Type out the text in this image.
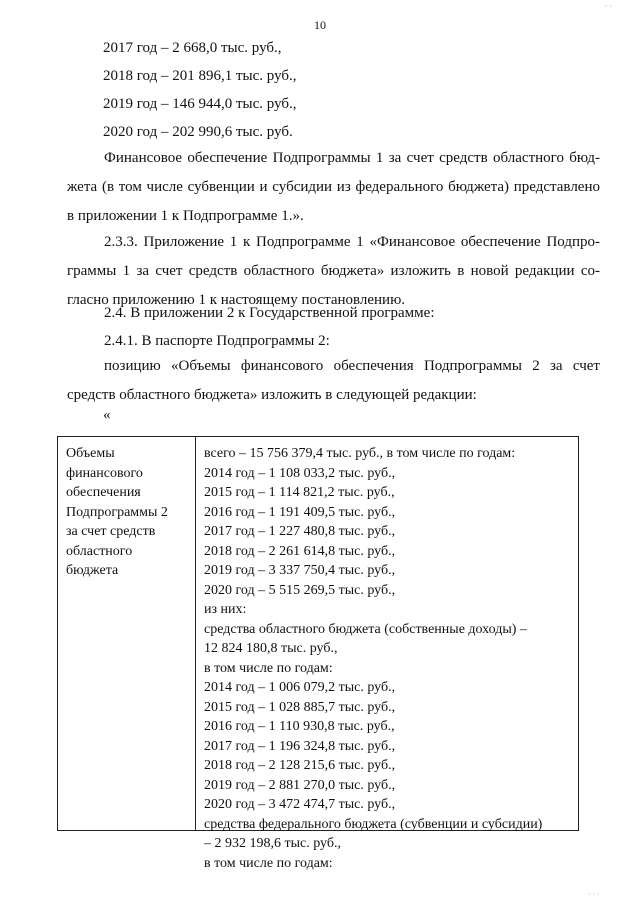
10
· ·
2017 год – 2 668,0 тыс. руб.,
2018 год – 201 896,1 тыс. руб.,
2019 год – 146 944,0 тыс. руб.,
2020 год – 202 990,6 тыс. руб.
Финансовое обеспечение Подпрограммы 1 за счет средств областного бюд-
жета (в том числе субвенции и субсидии из федерального бюджета) представлено
в приложении 1 к Подпрограмме 1.».
2.3.3. Приложение 1 к Подпрограмме 1 «Финансовое обеспечение Подпро-
граммы 1 за счет средств областного бюджета» изложить в новой редакции со-
гласно приложению 1 к настоящему постановлению.
2.4. В приложении 2 к Государственной программе:
2.4.1. В паспорте Подпрограммы 2:
позицию «Объемы финансового обеспечения Подпрограммы 2 за счет
средств областного бюджета» изложить в следующей редакции:
«
Объемы
финансового
обеспечения
Подпрограммы 2
за счет средств
областного
бюджета
всего – 15 756 379,4 тыс. руб., в том числе по годам:
2014 год – 1 108 033,2 тыс. руб.,
2015 год – 1 114 821,2 тыс. руб.,
2016 год – 1 191 409,5 тыс. руб.,
2017 год – 1 227 480,8 тыс. руб.,
2018 год – 2 261 614,8 тыс. руб.,
2019 год – 3 337 750,4 тыс. руб.,
2020 год – 5 515 269,5 тыс. руб.,
из них:
средства областного бюджета (собственные доходы) –
12 824 180,8 тыс. руб.,
в том числе по годам:
2014 год – 1 006 079,2 тыс. руб.,
2015 год – 1 028 885,7 тыс. руб.,
2016 год – 1 110 930,8 тыс. руб.,
2017 год – 1 196 324,8 тыс. руб.,
2018 год – 2 128 215,6 тыс. руб.,
2019 год – 2 881 270,0 тыс. руб.,
2020 год – 3 472 474,7 тыс. руб.,
средства федерального бюджета (субвенции и субсидии)
– 2 932 198,6 тыс. руб.,
в том числе по годам:
· · ·
